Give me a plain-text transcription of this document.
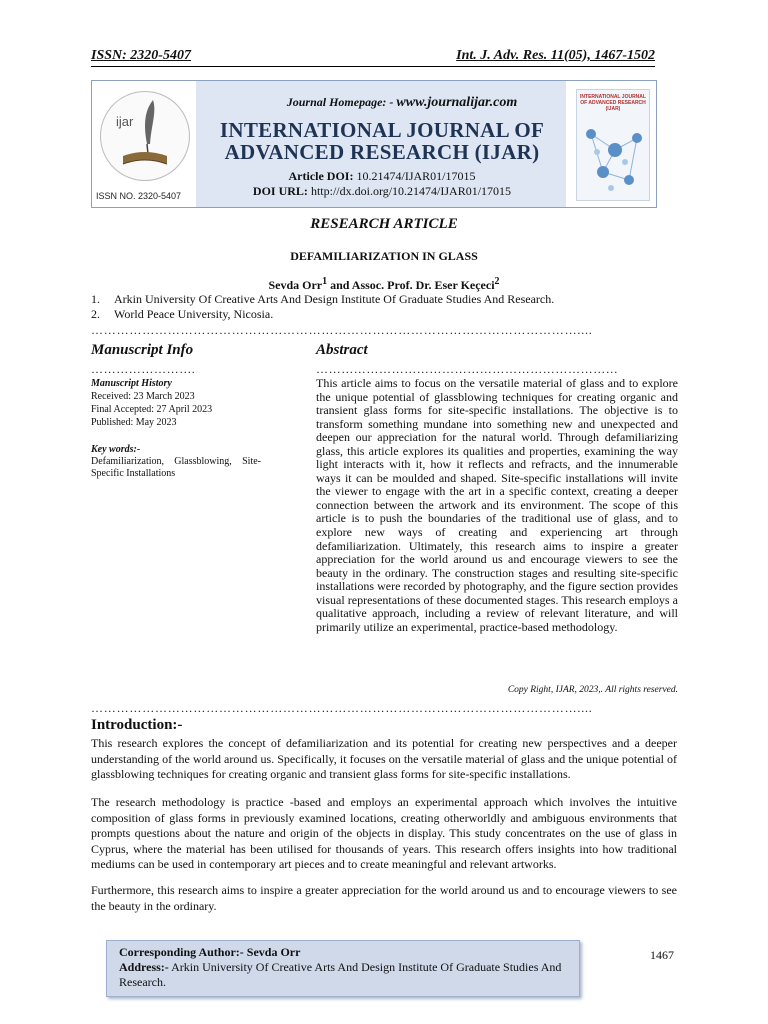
ISSN: 2320-5407	Int. J. Adv. Res. 11(05), 1467-1502
ijar
ISSN NO. 2320-5407
Journal Homepage: - www.journalijar.com
INTERNATIONAL JOURNAL OF
ADVANCED RESEARCH (IJAR)
Article DOI: 10.21474/IJAR01/17015
DOI URL: http://dx.doi.org/10.21474/IJAR01/17015
INTERNATIONAL JOURNAL OF ADVANCED RESEARCH (IJAR)
RESEARCH ARTICLE
DEFAMILIARIZATION IN GLASS
Sevda Orr$^1$ and Assoc. Prof. Dr. Eser Keçeci$^2$
1. Arkin University Of Creative Arts And Design Institute Of Graduate Studies And Research.
2. World Peace University, Nicosia.
……………………………………………………………………………………………………....
Manuscript Info	Abstract
…………………….	………………………………………………………………
Manuscript History
Received: 23 March 2023
Final Accepted: 27 April 2023
Published: May 2023
Key words:-
Defamiliarization, Glassblowing, Site-Specific Installations
This article aims to focus on the versatile material of glass and to explore the unique potential of glassblowing techniques for creating organic and transient glass forms for site-specific installations. The objective is to transform something mundane into something new and unexpected and deepen our appreciation for the natural world. Through defamiliarizing glass, this article explores its qualities and properties, examining the way light interacts with it, how it reflects and refracts, and the innumerable ways it can be moulded and shaped. Site-specific installations will invite the viewer to engage with the art in a specific context, creating a deeper connection between the artwork and its environment. The scope of this article is to push the boundaries of the traditional use of glass, and to explore new ways of creating and experiencing art through defamiliarization. Ultimately, this research aims to inspire a greater appreciation for the world around us and encourage viewers to see the beauty in the ordinary. The construction stages and resulting site-specific installations were recorded by photography, and the figure section provides visual representations of these documented stages. This research employs a qualitative approach, including a review of relevant literature, and will primarily utilize an experimental, practice-based methodology.
Copy Right, IJAR, 2023,. All rights reserved.
……………………………………………………………………………………………………....
Introduction:-
This research explores the concept of defamiliarization and its potential for creating new perspectives and a deeper understanding of the world around us. Specifically, it focuses on the versatile material of glass and the unique potential of glassblowing techniques for creating organic and transient glass forms for site-specific installations.
The research methodology is practice -based and employs an experimental approach which involves the intuitive composition of glass forms in previously examined locations, creating otherworldly and ambiguous environments that prompts questions about the nature and origin of the objects in display. This study concentrates on the use of glass in Cyprus, where the material has been utilised for thousands of years. This research offers insights into how traditional mediums can be used in contemporary art pieces and to create meaningful and relevant artworks.
Furthermore, this research aims to inspire a greater appreciation for the world around us and to encourage viewers to see the beauty in the ordinary.
Corresponding Author:- Sevda Orr
Address:- Arkin University Of Creative Arts And Design Institute Of Graduate Studies And Research.
1467
